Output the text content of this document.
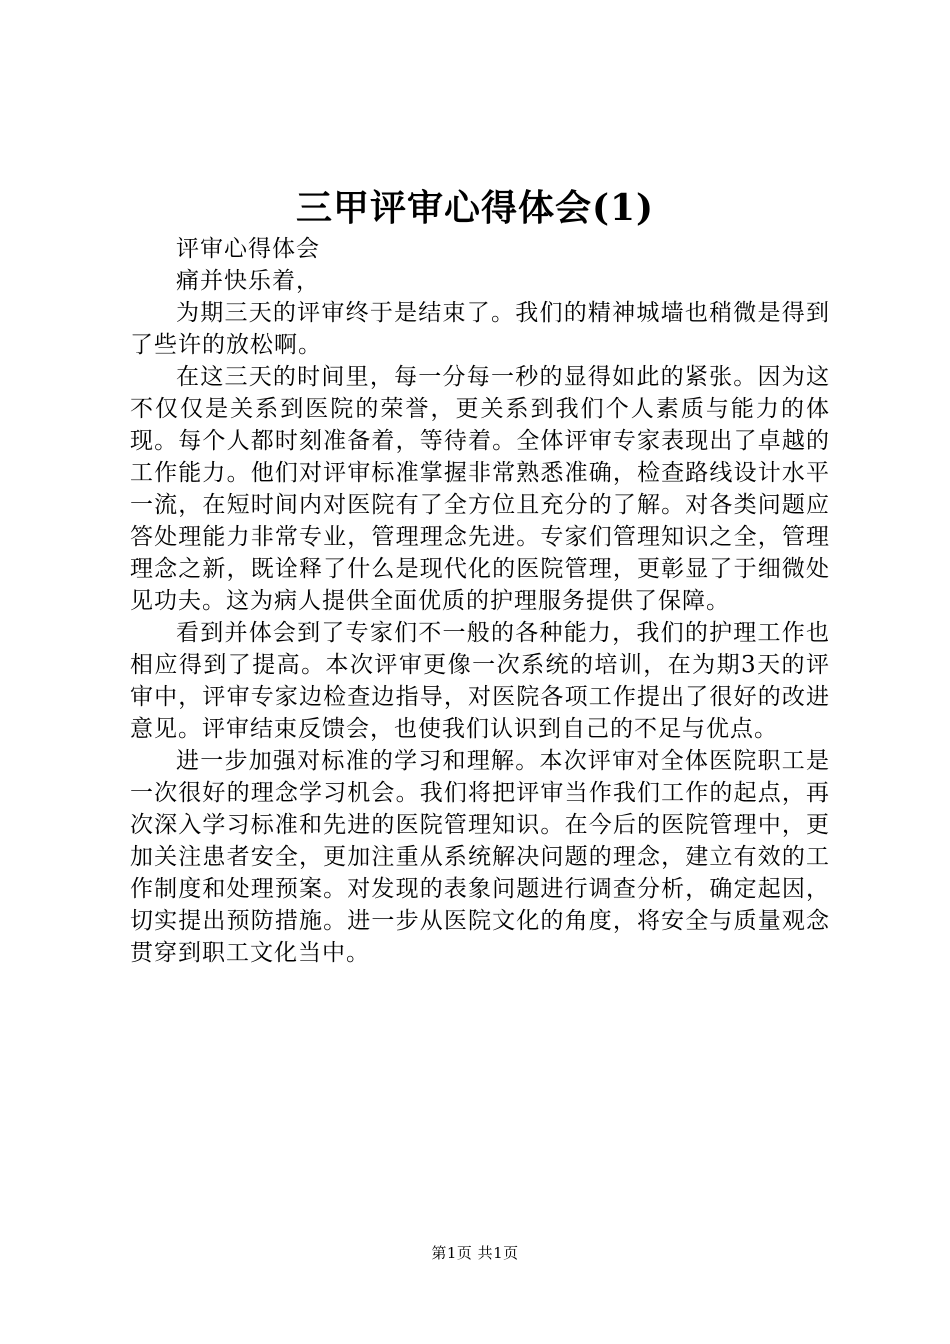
三甲评审心得体会(1)

评审心得体会

痛并快乐着，

为期三天的评审终于是结束了。我们的精神城墙也稍微是得到了些许的放松啊。

在这三天的时间里，每一分每一秒的显得如此的紧张。因为这不仅仅是关系到医院的荣誉，更关系到我们个人素质与能力的体现。每个人都时刻准备着，等待着。全体评审专家表现出了卓越的工作能力。他们对评审标准掌握非常熟悉准确，检查路线设计水平一流，在短时间内对医院有了全方位且充分的了解。对各类问题应答处理能力非常专业，管理理念先进。专家们管理知识之全，管理理念之新，既诠释了什么是现代化的医院管理，更彰显了于细微处见功夫。这为病人提供全面优质的护理服务提供了保障。

看到并体会到了专家们不一般的各种能力，我们的护理工作也相应得到了提高。本次评审更像一次系统的培训，在为期3天的评审中，评审专家边检查边指导，对医院各项工作提出了很好的改进意见。评审结束反馈会，也使我们认识到自己的不足与优点。

进一步加强对标准的学习和理解。本次评审对全体医院职工是一次很好的理念学习机会。我们将把评审当作我们工作的起点，再次深入学习标准和先进的医院管理知识。在今后的医院管理中，更加关注患者安全，更加注重从系统解决问题的理念，建立有效的工作制度和处理预案。对发现的表象问题进行调查分析，确定起因，切实提出预防措施。进一步从医院文化的角度，将安全与质量观念贯穿到职工文化当中。

第1页 共1页
